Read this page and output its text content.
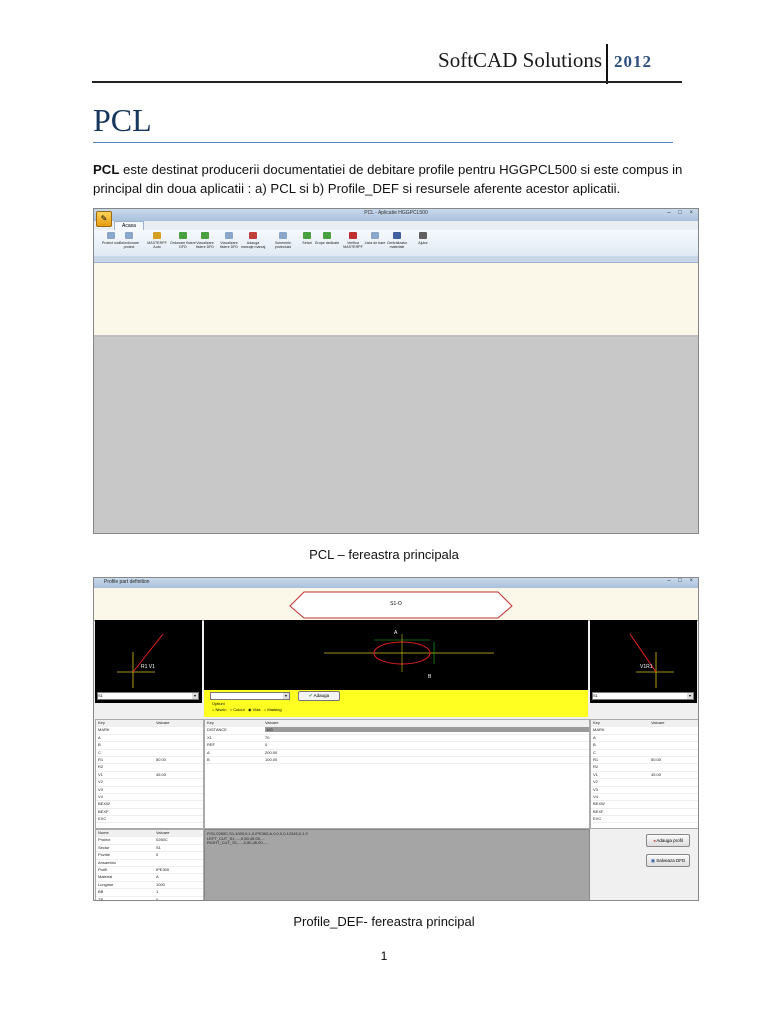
SoftCAD Solutions 2012
PCL
PCL este destinat producerii documentatiei de debitare profile pentru HGGPCL500 si este compus in principal din doua aplicatii : a) PCL si b) Profile_DEF si resursele aferente acestor aplicatii.
PCL - Aplicatie HGGPCL500	– □ ×
✎
Acasa
Proiect nou
Selectionare proiect
MASTERPF Auto
Ordonare fisiere DFD
Vizualizare fisiere DFD
Vizualizare fisiere DFD
Adauga marcaje marcaj
Schemele proiectului
Setari Grupe dedicate	Verifica MASTERPF
Lista de bare Centralizator materiale
Ajutor
PCL – fereastra principala
Profile part definition	– □ ×
S1-O
R1 V1
S1	▾
A
B
▾	✔ Adauga
Optiuni
○ Niscin ○ Culoul ◉ Vida ○ Marking
V1R1
S1	▾
Key	Valoare
MARK
A
B
C
R1	50.00
R2
V1	45.00
V2
V3
V4
BEXW
BEXF
EXC
Key	Valoare
DISTANCE	100
X1	70
REF	0
A	200.00
B	100.00
Key	Valoare
MARK
A
B
C
R1	50.00
R2
V1	45.00
V2
V3
V4
BEXW
BEXF
EXC
Nume	Valoare
Proiect	0260C
Sector	S1
Pozitie	0
Ansamblu
Profil	IPE300
Material	A
Lungime	1000
BB	1
TB	0
P,S1,0260C,S1,1000,0,1,0,IPE300,A,0,0,0,0.12345,0.1.0
LEFT_CUT_S1,....,0,50,45.00,....
RIGHT_CUT_S1,....,0,50,45.00,....	◂ Adauga profil
▣ Salveaza DFD
Profile_DEF- fereastra principal
1
